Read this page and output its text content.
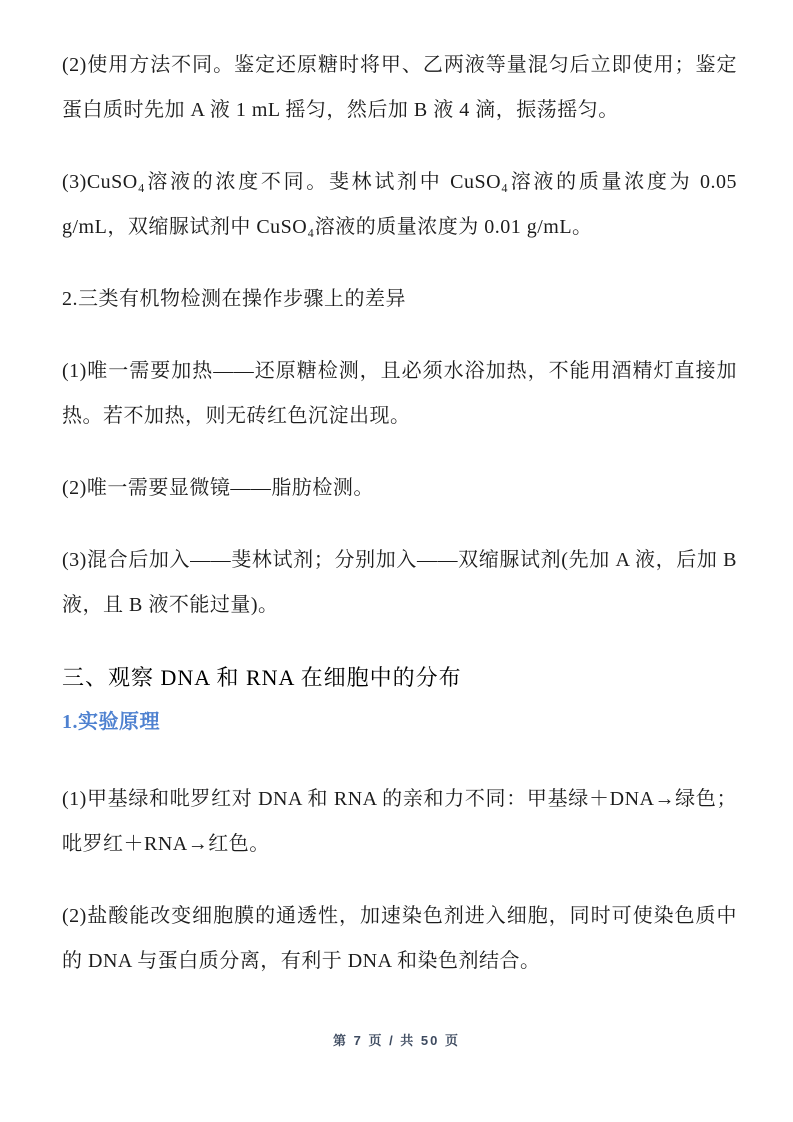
(2)使用方法不同。鉴定还原糖时将甲、乙两液等量混匀后立即使用；鉴定蛋白质时先加 A 液 1 mL 摇匀，然后加 B 液 4 滴，振荡摇匀。

(3)CuSO₄溶液的浓度不同。斐林试剂中 CuSO₄溶液的质量浓度为 0.05 g/mL，双缩脲试剂中 CuSO₄溶液的质量浓度为 0.01 g/mL。

2.三类有机物检测在操作步骤上的差异

(1)唯一需要加热——还原糖检测，且必须水浴加热，不能用酒精灯直接加热。若不加热，则无砖红色沉淀出现。

(2)唯一需要显微镜——脂肪检测。

(3)混合后加入——斐林试剂；分别加入——双缩脲试剂(先加 A 液，后加 B 液，且 B 液不能过量)。

三、观察 DNA 和 RNA 在细胞中的分布
1.实验原理

(1)甲基绿和吡罗红对 DNA 和 RNA 的亲和力不同：甲基绿＋DNA→绿色；吡罗红＋RNA→红色。

(2)盐酸能改变细胞膜的通透性，加速染色剂进入细胞，同时可使染色质中的 DNA 与蛋白质分离，有利于 DNA 和染色剂结合。

第 7 页 / 共 50 页
